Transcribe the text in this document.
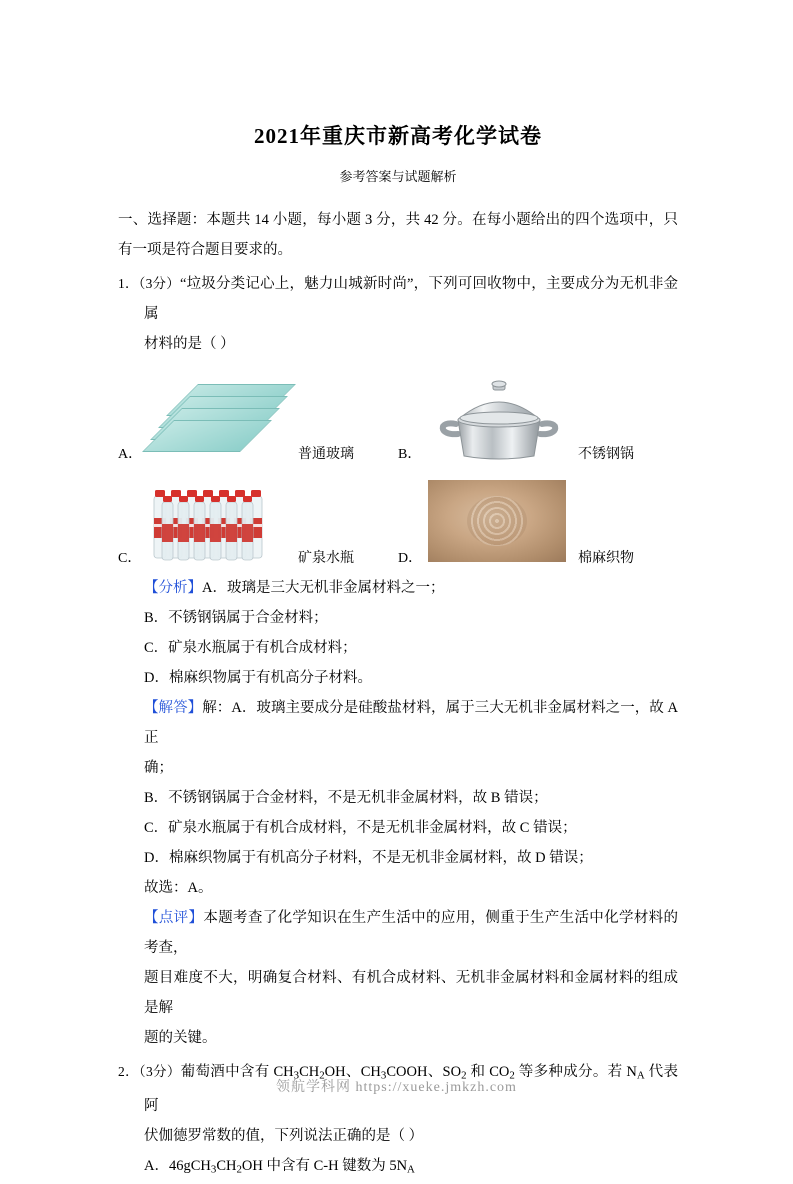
2021年重庆市新高考化学试卷
参考答案与试题解析
一、选择题：本题共 14 小题，每小题 3 分，共 42 分。在每小题给出的四个选项中，只有一项是符合题目要求的。

1．（3分）“垃圾分类记心上，魅力山城新时尚”，下列可回收物中，主要成分为无机非金属

材料的是（ ）

A．	普通玻璃	B．	不锈钢锅
C．	矿泉水瓶	D．	棉麻织物

【分析】A．玻璃是三大无机非金属材料之一；

B．不锈钢锅属于合金材料；

C．矿泉水瓶属于有机合成材料；

D．棉麻织物属于有机高分子材料。

【解答】解：A．玻璃主要成分是硅酸盐材料，属于三大无机非金属材料之一，故 A 正

确；

B．不锈钢锅属于合金材料，不是无机非金属材料，故 B 错误；

C．矿泉水瓶属于有机合成材料，不是无机非金属材料，故 C 错误；

D．棉麻织物属于有机高分子材料，不是无机非金属材料，故 D 错误；

故选：A。

【点评】本题考查了化学知识在生产生活中的应用，侧重于生产生活中化学材料的考查，

题目难度不大，明确复合材料、有机合成材料、无机非金属材料和金属材料的组成是解

题的关键。

2．（3分）葡萄酒中含有 $CH_3CH_2OH$、$CH_3COOH$、$SO_2$ 和 $CO_2$ 等多种成分。若 $N_A$ 代表阿

伏伽德罗常数的值，下列说法正确的是（ ）

A．$46gCH_3CH_2OH$ 中含有 C‑H 键数为 $5N_A$

领航学科网 https://xueke.jmkzh.com
